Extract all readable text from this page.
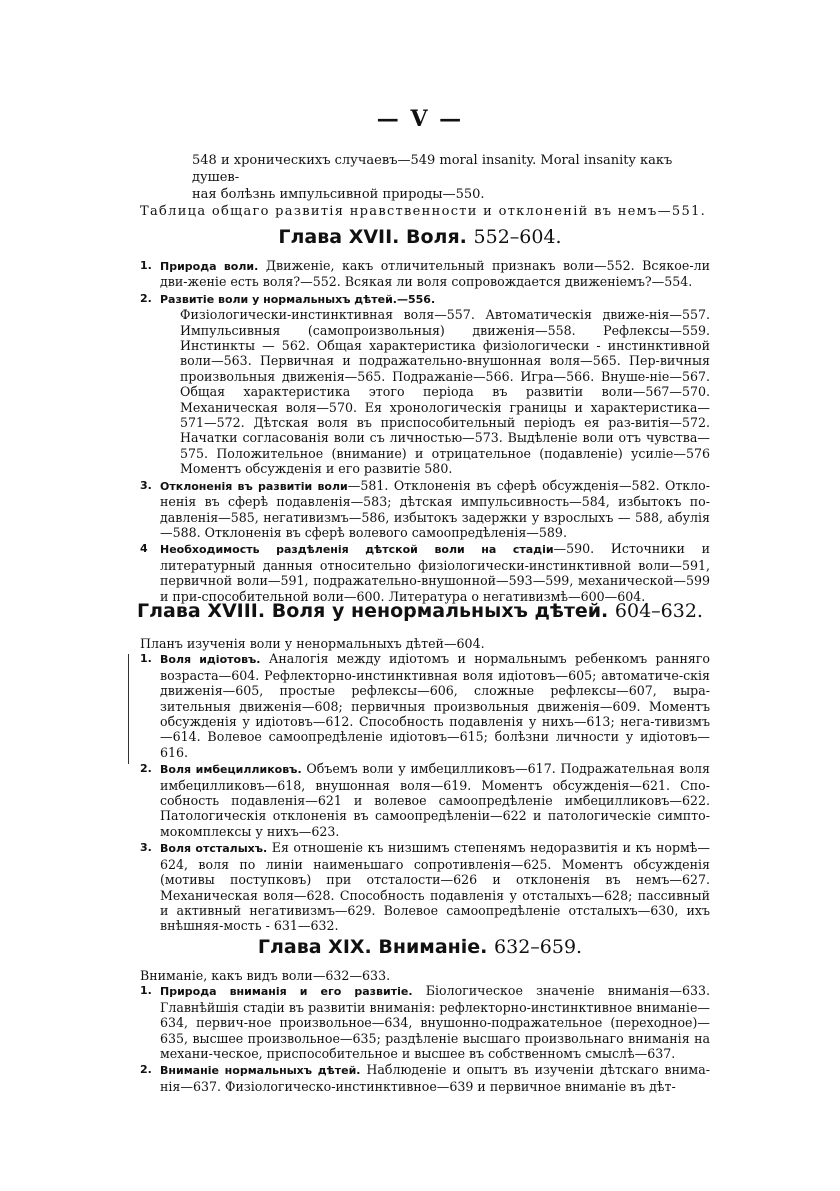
— V —

548 и хроническихъ случаевъ—549 moral insanity. Moral insanity какъ душев-

ная болѣзнь импульсивной природы—550.

Таблица общаго развитія нравственности и отклоненій въ немъ—551.

Глава XVII. Воля. 552–604.
1. Природа воли. Движеніе, какъ отличительный признакъ воли—552. Всякое-ли дви-женіе есть воля?—552. Всякая ли воля сопровождается движеніемъ?—554.
2. Развитіе воли у нормальныхъ дѣтей.—556.
Физіологически-инстинктивная воля—557. Автоматическія движе-нія—557. Импульсивныя (самопроизвольныя) движенія—558. Рефлексы—559. Инстинкты — 562. Общая характеристика физіологически - инстинктивной воли—563. Первичная и подражательно-внушонная воля—565. Пер-вичныя произвольныя движенія—565. Подражаніе—566. Игра—566. Внуше-ніе—567. Общая характеристика этого періода въ развитіи воли—567—570. Механическая воля—570. Ея хронологическія границы и характеристика—571—572. Дѣтская воля въ приспособительный періодъ ея раз-витія—572. Начатки согласованія воли съ личностью—573. Выдѣленіе воли отъ чувства—575. Положительное (внимание) и отрицательное (подавленіе) усиліе—576 Моментъ обсужденія и его развитіе 580.
3. Отклоненія въ развитіи воли—581. Отклоненія въ сферѣ обсужденія—582. Откло-ненія въ сферѣ подавленія—583; дѣтская импульсивность—584, избытокъ по-давленія—585, негативизмъ—586, избытокъ задержки у взрослыхъ — 588, абулія—588. Отклоненія въ сферѣ волевого самоопредѣленія—589.
4 Необходимость раздѣленія дѣтской воли на стадіи—590. Источники и литературный данныя относительно физіологически-инстинктивной воли—591, первичной воли—591, подражательно-внушонной—593—599, механической—599 и при-способительной воли—600. Литература о негативизмѣ—600—604.
Глава XVIII. Воля у ненормальныхъ дѣтей. 604–632.

Планъ изученія воли у ненормальныхъ дѣтей—604.

1. Воля идіотовъ. Аналогія между идіотомъ и нормальнымъ ребенкомъ ранняго возраста—604. Рефлекторно-инстинктивная воля идіотовъ—605; автоматиче-скія движенія—605, простые рефлексы—606, сложные рефлексы—607, выра-зительныя движенія—608; первичныя произвольныя движенія—609. Моментъ обсужденія у идіотовъ—612. Способность подавленія у нихъ—613; нега-тивизмъ—614. Волевое самоопредѣленіе идіотовъ—615; болѣзни личности у идіотовъ—616.
2. Воля имбецилликовъ. Объемъ воли у имбецилликовъ—617. Подражательная воля имбецилликовъ—618, внушонная воля—619. Моментъ обсужденія—621. Спо-собность подавленія—621 и волевое самоопредѣленіе имбецилликовъ—622. Патологическія отклоненія въ самоопредѣленіи—622 и патологическіе симпто-мокомплексы у нихъ—623.
3. Воля отсталыхъ. Ея отношеніе къ низшимъ степенямъ недоразвитія и къ нормѣ—624, воля по линіи наименьшаго сопротивленія—625. Моментъ обсужденія (мотивы поступковъ) при отсталости—626 и отклоненія въ немъ—627. Механическая воля—628. Способность подавленія у отсталыхъ—628; пассивный и активный негативизмъ—629. Волевое самоопредѣленіе отсталыхъ—630, ихъ внѣшняя-мость - 631—632.
Глава XIX. Вниманіе. 632–659.

Вниманіе, какъ видъ воли—632—633.

1. Природа вниманія и его развитіе. Біологическое значеніе вниманія—633. Главнѣйшія стадіи въ развитіи вниманія: рефлекторно-инстинктивное вниманіе—634, первич-ное произвольное—634, внушонно-подражательное (переходное)—635, высшее произвольное—635; раздѣленіе высшаго произвольнаго вниманія на механи-ческое, приспособительное и высшее въ собственномъ смыслѣ—637.
2. Вниманіе нормальныхъ дѣтей. Наблюденіе и опытъ въ изученіи дѣтскаго внима-нія—637. Физіологическо-инстинктивное—639 и первичное вниманіе въ дѣт-
